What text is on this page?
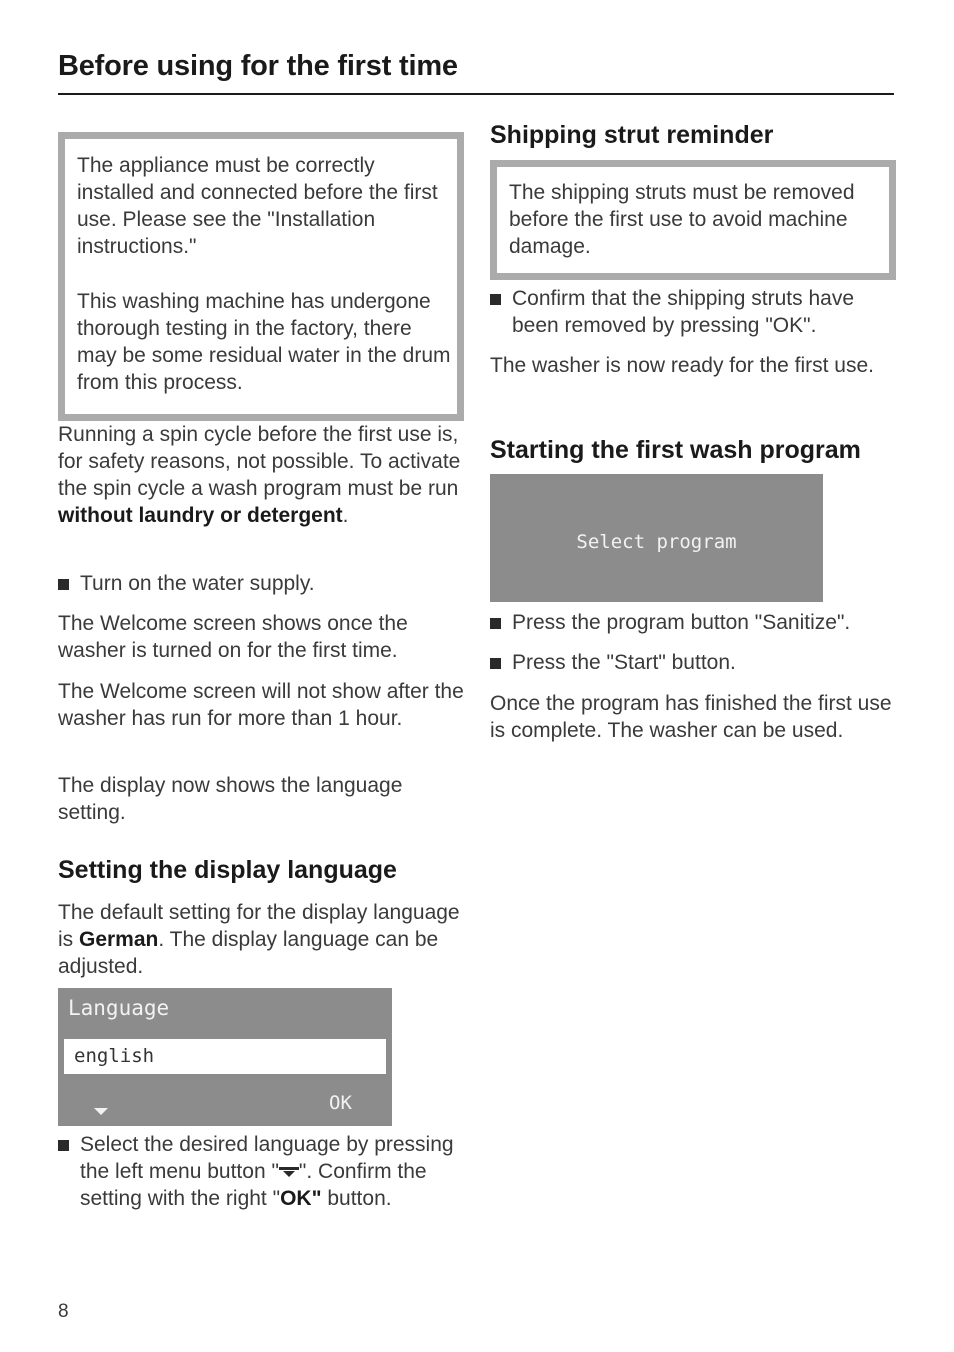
Before using for the first time

The appliance must be correctly installed and connected before the first use. Please see the "Installation instructions."

This washing machine has undergone thorough testing in the factory, there may be some residual water in the drum from this process.

Running a spin cycle before the first use is, for safety reasons, not possible. To activate the spin cycle a wash program must be run without laundry or detergent.

Turn on the water supply.

The Welcome screen shows once the washer is turned on for the first time.

The Welcome screen will not show after the washer has run for more than 1 hour.

The display now shows the language setting.

Setting the display language

The default setting for the display language is German. The display language can be adjusted.

Language
english
OK
Select the desired language by pressing the left menu button " ". Confirm the setting with the right "OK" button.
8
Shipping strut reminder

The shipping struts must be removed before the first use to avoid machine damage.

Confirm that the shipping struts have been removed by pressing "OK".

The washer is now ready for the first use.

Starting the first wash program
Select program
Press the program button "Sanitize".
Press the "Start" button.

Once the program has finished the first use is complete. The washer can be used.
